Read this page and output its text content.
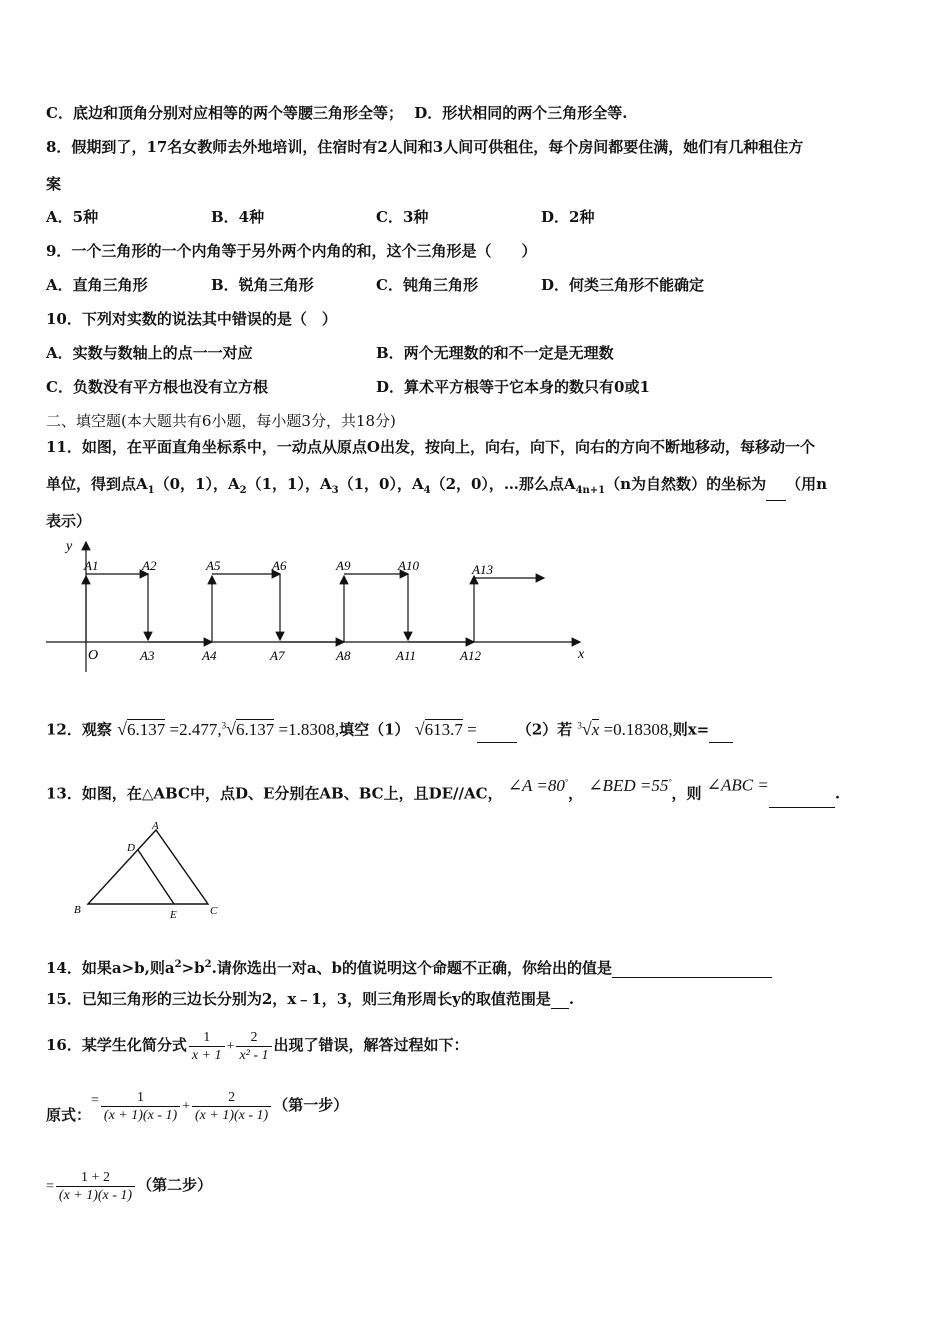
C．底边和顶角分别对应相等的两个等腰三角形全等； D．形状相同的两个三角形全等.
8．假期到了，17名女教师去外地培训，住宿时有2人间和3人间可供租住，每个房间都要住满，她们有几种租住方
案
A．5种	B．4种	C．3种	D．2种
9．一个三角形的一个内角等于另外两个内角的和，这个三角形是（　　）
A．直角三角形	B．锐角三角形	C．钝角三角形	D．何类三角形不能确定
10．下列对实数的说法其中错误的是（　）
A．实数与数轴上的点一一对应	B．两个无理数的和不一定是无理数
C．负数没有平方根也没有立方根	D．算术平方根等于它本身的数只有0或1
二、填空题(本大题共有6小题，每小题3分，共18分)
11．如图，在平面直角坐标系中，一动点从原点O出发，按向上，向右，向下，向右的方向不断地移动，每移动一个
单位，得到点$A_1(0$，1），$A_2(1$，1），$A_3(1$，0），$A_4(2$，0），…那么点$A_{4n+1}(n$为自然数）的坐标为 （用n
表示）
y
x
O
A1	A2	A5	A6	A9	A10	A13
A3	A4	A7	A8	A11	A12
12．观察 √6.137 =2.477,$^3$√6.137 =1.8308,填空（1） √613.7 =	（2）若 $^3$√x =0.18308,则x=
13．如图，在△ABC中，点D、E分别在AB、BC上，且DE//AC， ∠A =80°， ∠BED =55°，则 ∠ABC =	.
A
D
B	E	C
14．如果a>b,则$a^2>b^2$.请你选出一对a、b的值说明这个命题不正确，你给出的值是
15．已知三角形的三边长分别为2，x﹣1，3，则三角形周长y的取值范围是 .
16．某学生化简分式 $\frac{1}{x + 1} + \frac{2}{\text{x² - 1}}$ 出现了错误，解答过程如下：
原式：= $\frac{1}{(x + 1)(x - 1)} + \frac{2}{(x + 1)(x - 1)}$ （第一步）
= $\frac{1 + 2}{(x + 1)(x - 1)}$ （第二步）
